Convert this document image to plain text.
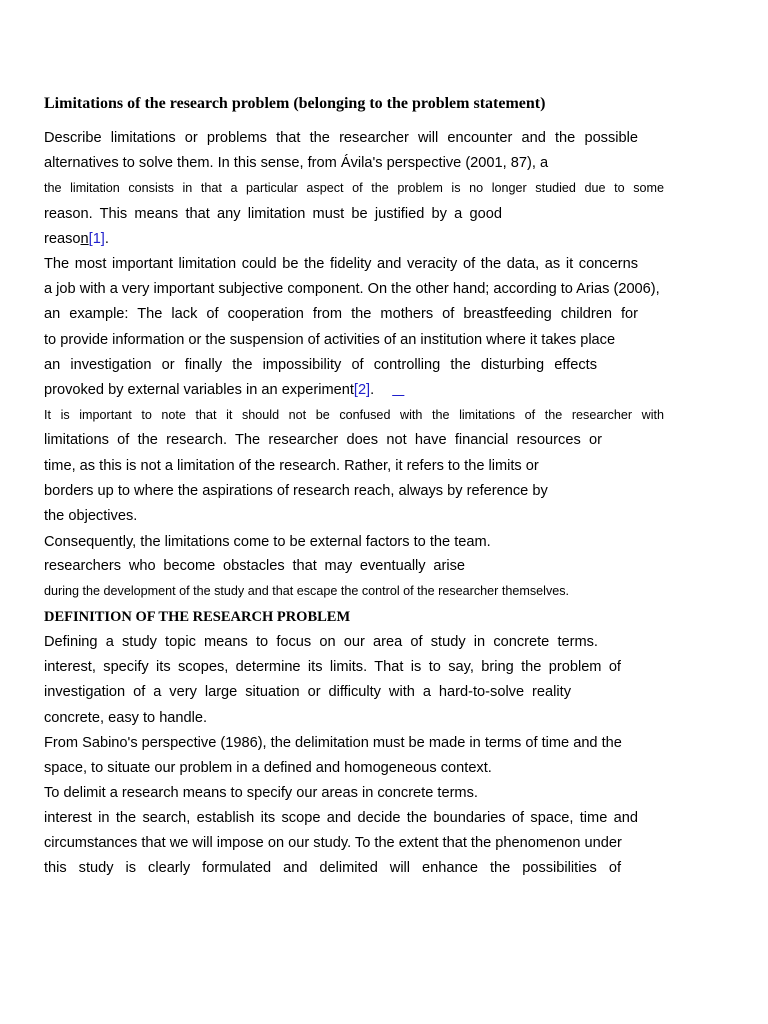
Limitations of the research problem (belonging to the problem statement)
Describe limitations or problems that the researcher will encounter and the possible
alternatives to solve them. In this sense, from Ávila's perspective (2001, 87), a
the limitation consists in that a particular aspect of the problem is no longer studied due to some
reason. This means that any limitation must be justified by a good
reason[1].
The most important limitation could be the fidelity and veracity of the data, as it concerns
a job with a very important subjective component. On the other hand; according to Arias (2006),
an example: The lack of cooperation from the mothers of breastfeeding children for
to provide information or the suspension of activities of an institution where it takes place
an investigation or finally the impossibility of controlling the disturbing effects
provoked by external variables in an experiment[2].
It is important to note that it should not be confused with the limitations of the researcher with
limitations of the research. The researcher does not have financial resources or
time, as this is not a limitation of the research. Rather, it refers to the limits or
borders up to where the aspirations of research reach, always by reference by
the objectives.
Consequently, the limitations come to be external factors to the team.
researchers who become obstacles that may eventually arise
during the development of the study and that escape the control of the researcher themselves.
DEFINITION OF THE RESEARCH PROBLEM
Defining a study topic means to focus on our area of study in concrete terms.
interest, specify its scopes, determine its limits. That is to say, bring the problem of
investigation of a very large situation or difficulty with a hard-to-solve reality
concrete, easy to handle.
From Sabino's perspective (1986), the delimitation must be made in terms of time and the
space, to situate our problem in a defined and homogeneous context.
To delimit a research means to specify our areas in concrete terms.
interest in the search, establish its scope and decide the boundaries of space, time and
circumstances that we will impose on our study. To the extent that the phenomenon under
this study is clearly formulated and delimited will enhance the possibilities of
